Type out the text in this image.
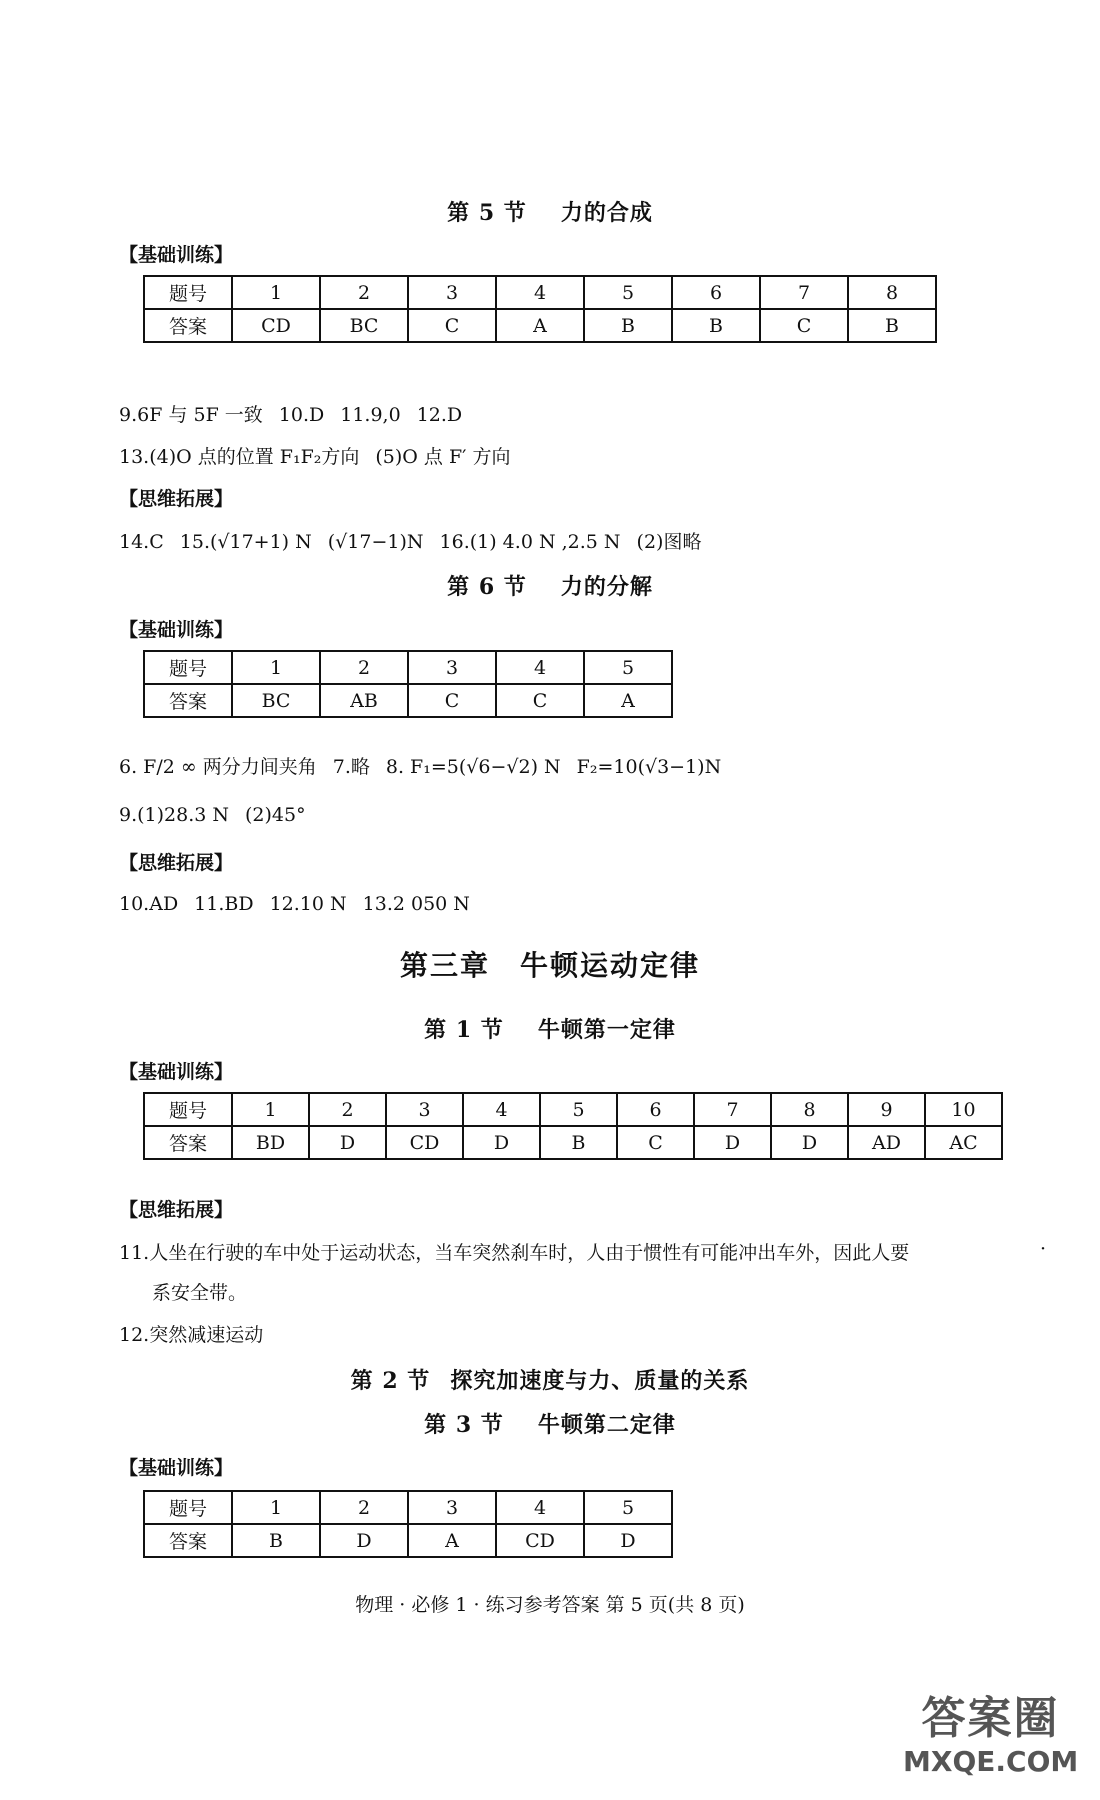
第 5 节 力的合成
【基础训练】
题号	1	2	3	4	5	6	7	8
答案	CD	BC	C	A	B	B	C	B
9.6F 与 5F 一致 10.D 11.9,0 12.D
13.(4)O 点的位置 F₁F₂方向 (5)O 点 F′ 方向
【思维拓展】
14.C 15.(√17+1) N (√17−1)N 16.(1) 4.0 N ,2.5 N (2)图略
第 6 节 力的分解
【基础训练】
题号	1	2	3	4	5
答案	BC	AB	C	C	A
6. F/2 ∞ 两分力间夹角 7.略 8. F₁=5(√6−√2) N F₂=10(√3−1)N
9.(1)28.3 N (2)45°
【思维拓展】
10.AD 11.BD 12.10 N 13.2 050 N
第三章 牛顿运动定律
第 1 节 牛顿第一定律
【基础训练】
题号	1	2	3	4	5	6	7	8	9	10
答案	BD	D	CD	D	B	C	D	D	AD	AC
【思维拓展】
11.人坐在行驶的车中处于运动状态，当车突然刹车时，人由于惯性有可能冲出车外，因此人要	·
系安全带。
12.突然减速运动
第 2 节 探究加速度与力、质量的关系
第 3 节 牛顿第二定律
【基础训练】
题号	1	2	3	4	5
答案	B	D	A	CD	D
物理 · 必修 1 · 练习参考答案 第 5 页(共 8 页)
答案圈
MXQE.COM
